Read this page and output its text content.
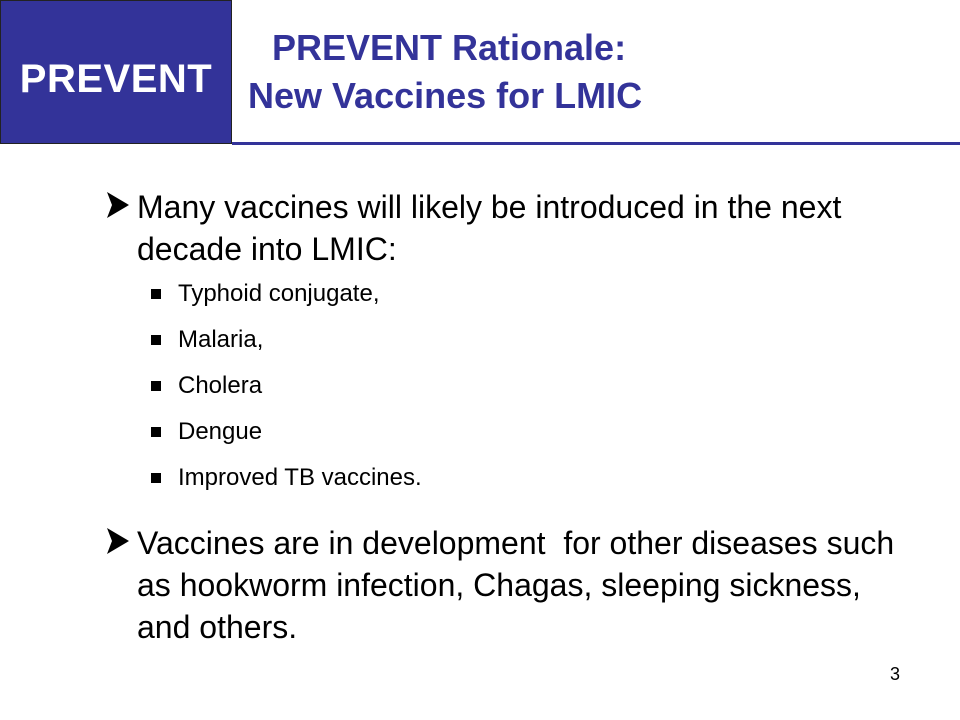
PREVENT
PREVENT Rationale:
New Vaccines for LMIC
Many vaccines will likely be introduced in the next decade into LMIC:
Typhoid conjugate,
Malaria,
Cholera
Dengue
Improved TB vaccines.
Vaccines are in development  for other diseases such as hookworm infection, Chagas, sleeping sickness, and others.
3
